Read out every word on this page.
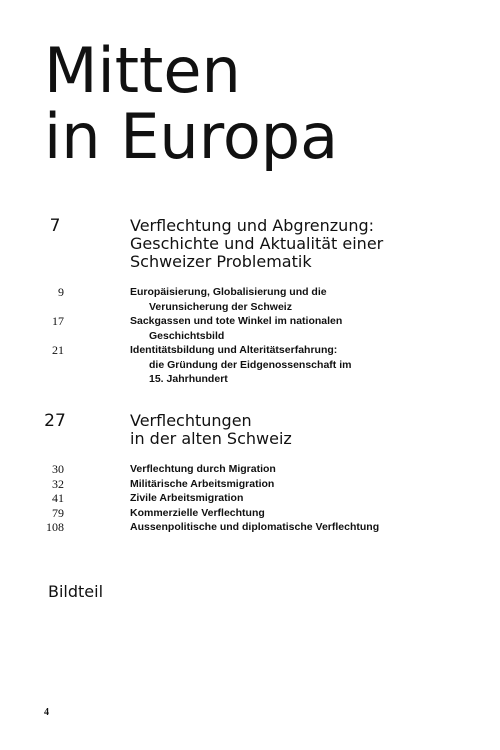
Mitten
in Europa
7	Verflechtung und Abgrenzung:
Geschichte und Aktualität einer
Schweizer Problematik
9	Europäisierung, Globalisierung und die
Verunsicherung der Schweiz
17	Sackgassen und tote Winkel im nationalen
Geschichtsbild
21	Identitätsbildung und Alteritätserfahrung:
die Gründung der Eidgenossenschaft im
15. Jahrhundert
27	Verflechtungen
in der alten Schweiz
30	Verflechtung durch Migration
32	Militärische Arbeitsmigration
41	Zivile Arbeitsmigration
79	Kommerzielle Verflechtung
108	Aussenpolitische und diplomatische Verflechtung
Bildteil
4
